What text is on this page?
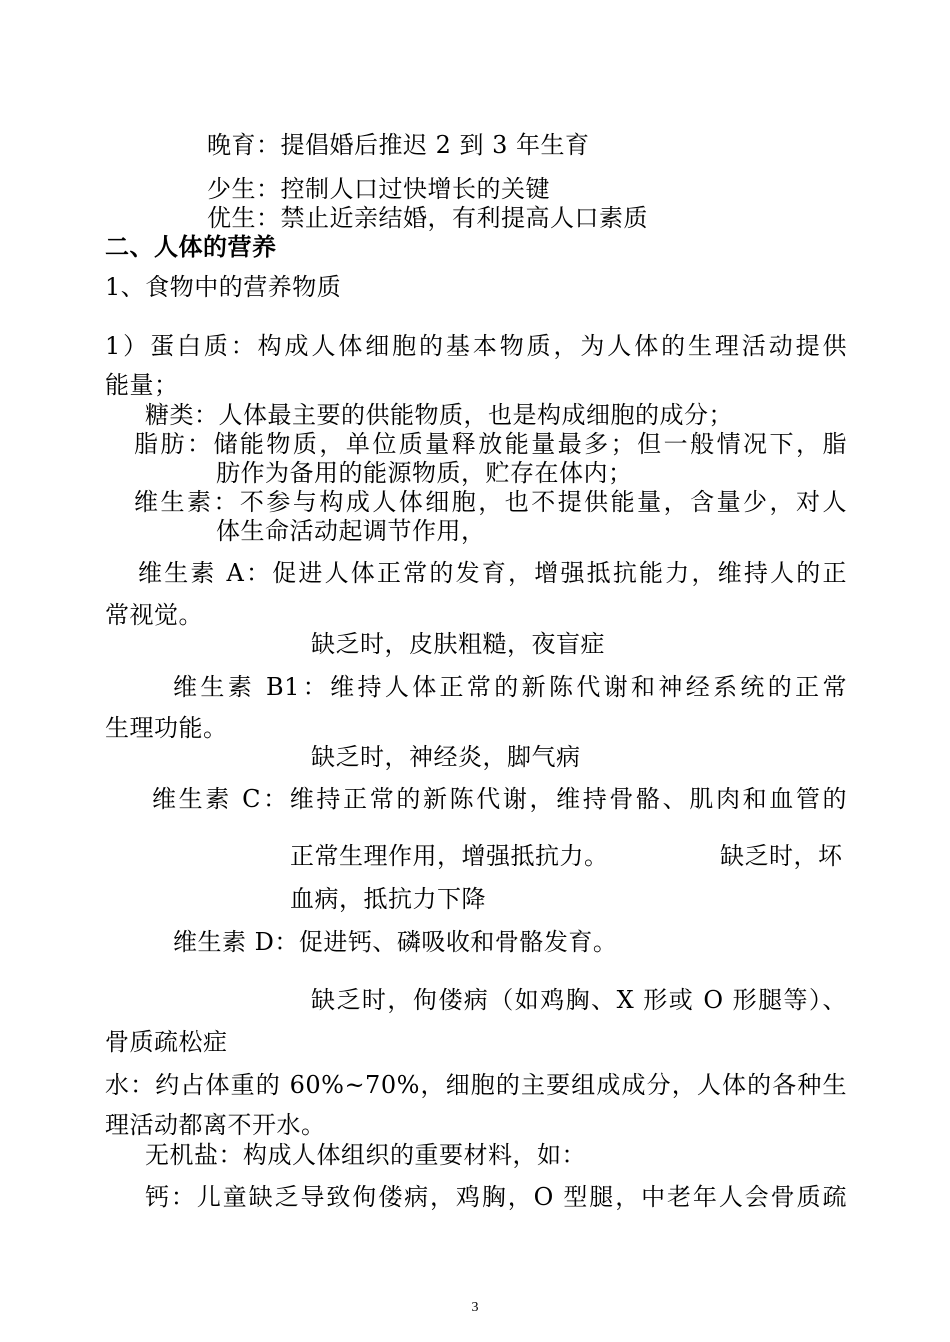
晚育：提倡婚后推迟 2 到 3 年生育
少生：控制人口过快增长的关键
优生：禁止近亲结婚，有利提高人口素质
二、人体的营养
1、食物中的营养物质
1）蛋白质：构成人体细胞的基本物质，为人体的生理活动提供
能量；
糖类：人体最主要的供能物质，也是构成细胞的成分；
脂肪：储能物质，单位质量释放能量最多；但一般情况下，脂
肪作为备用的能源物质，贮存在体内；
维生素：不参与构成人体细胞，也不提供能量，含量少，对人
体生命活动起调节作用，
维生素 A：促进人体正常的发育，增强抵抗能力，维持人的正
常视觉。
缺乏时，皮肤粗糙，夜盲症
维生素 B1：维持人体正常的新陈代谢和神经系统的正常
生理功能。
缺乏时，神经炎，脚气病
维生素 C：维持正常的新陈代谢，维持骨骼、肌肉和血管的
正常生理作用，增强抵抗力。	缺乏时，坏
血病，抵抗力下降
维生素 D：促进钙、磷吸收和骨骼发育。
缺乏时，佝偻病（如鸡胸、X 形或 O 形腿等）、
骨质疏松症
水：约占体重的 60%~70%，细胞的主要组成成分，人体的各种生
理活动都离不开水。
无机盐：构成人体组织的重要材料，如：
钙：儿童缺乏导致佝偻病，鸡胸，O 型腿，中老年人会骨质疏
3
